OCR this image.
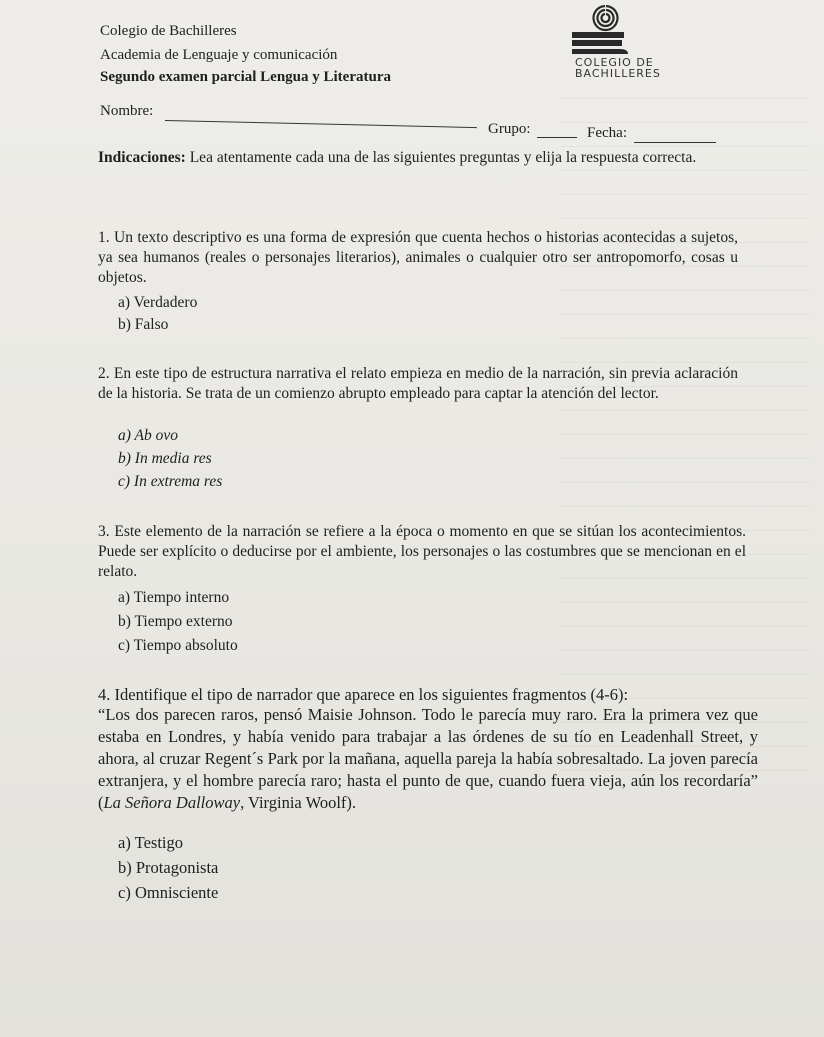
Colegio de Bachilleres
Academia de Lenguaje y comunicación
Segundo examen parcial Lengua y Literatura
COLEGIO DE
BACHILLERES
Nombre:
Grupo:	Fecha:
Indicaciones: Lea atentamente cada una de las siguientes preguntas y elija la respuesta correcta.
1. Un texto descriptivo es una forma de expresión que cuenta hechos o historias acontecidas a sujetos, ya sea humanos (reales o personajes literarios), animales o cualquier otro ser antropomorfo, cosas u objetos.
a) Verdadero
b) Falso
2. En este tipo de estructura narrativa el relato empieza en medio de la narración, sin previa aclaración de la historia. Se trata de un comienzo abrupto empleado para captar la atención del lector.
a) Ab ovo
b) In media res
c) In extrema res
3. Este elemento de la narración se refiere a la época o momento en que se sitúan los acontecimientos. Puede ser explícito o deducirse por el ambiente, los personajes o las costumbres que se mencionan en el relato.
a) Tiempo interno
b) Tiempo externo
c) Tiempo absoluto
4. Identifique el tipo de narrador que aparece en los siguientes fragmentos (4-6):
“Los dos parecen raros, pensó Maisie Johnson. Todo le parecía muy raro. Era la primera vez que estaba en Londres, y había venido para trabajar a las órdenes de su tío en Leadenhall Street, y ahora, al cruzar Regent´s Park por la mañana, aquella pareja la había sobresaltado. La joven parecía extranjera, y el hombre parecía raro; hasta el punto de que, cuando fuera vieja, aún los recordaría” (La Señora Dalloway, Virginia Woolf).
a) Testigo
b) Protagonista
c) Omnisciente
